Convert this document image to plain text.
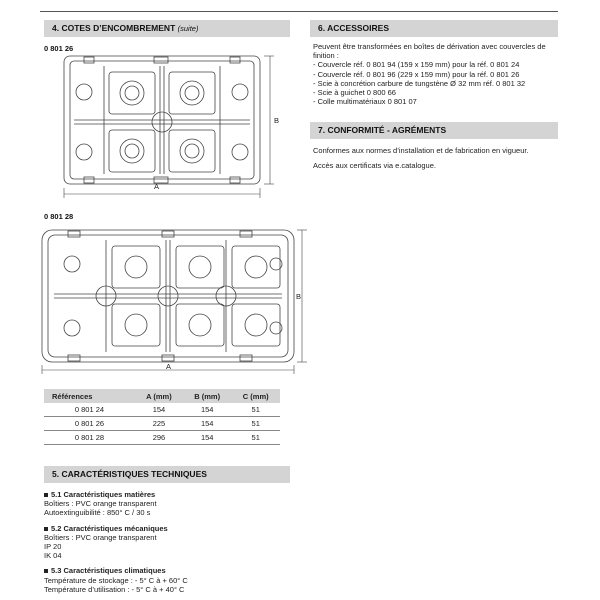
4. COTES D’ENCOMBREMENT (suite)
0 801 26
A
B
0 801 28
A
B
Références	A (mm)	B (mm)	C (mm)
0 801 24	154	154	51
0 801 26	225	154	51
0 801 28	296	154	51
5. CARACTÉRISTIQUES TECHNIQUES
5.1 Caractéristiques matières
Boîtiers : PVC orange transparent
Autoextinguibilité : 850° C / 30 s
5.2 Caractéristiques mécaniques
Boîtiers : PVC orange transparent
IP 20
IK 04
5.3 Caractéristiques climatiques
Température de stockage : - 5° C à + 60° C
Température d’utilisation : - 5° C à + 40° C
6. ACCESSOIRES
Peuvent être transformées en boîtes de dérivation avec couvercles de
finition :
- Couvercle réf. 0 801 94 (159 x 159 mm) pour la réf. 0 801 24
- Couvercle réf. 0 801 96 (229 x 159 mm) pour la réf. 0 801 26
- Scie à concrétion carbure de tungstène Ø 32 mm réf. 0 801 32
- Scie à guichet 0 800 66
- Colle multimatériaux 0 801 07
7. CONFORMITÉ - AGRÉMENTS
Conformes aux normes d’installation et de fabrication en vigueur.
Accès aux certificats via e.catalogue.
